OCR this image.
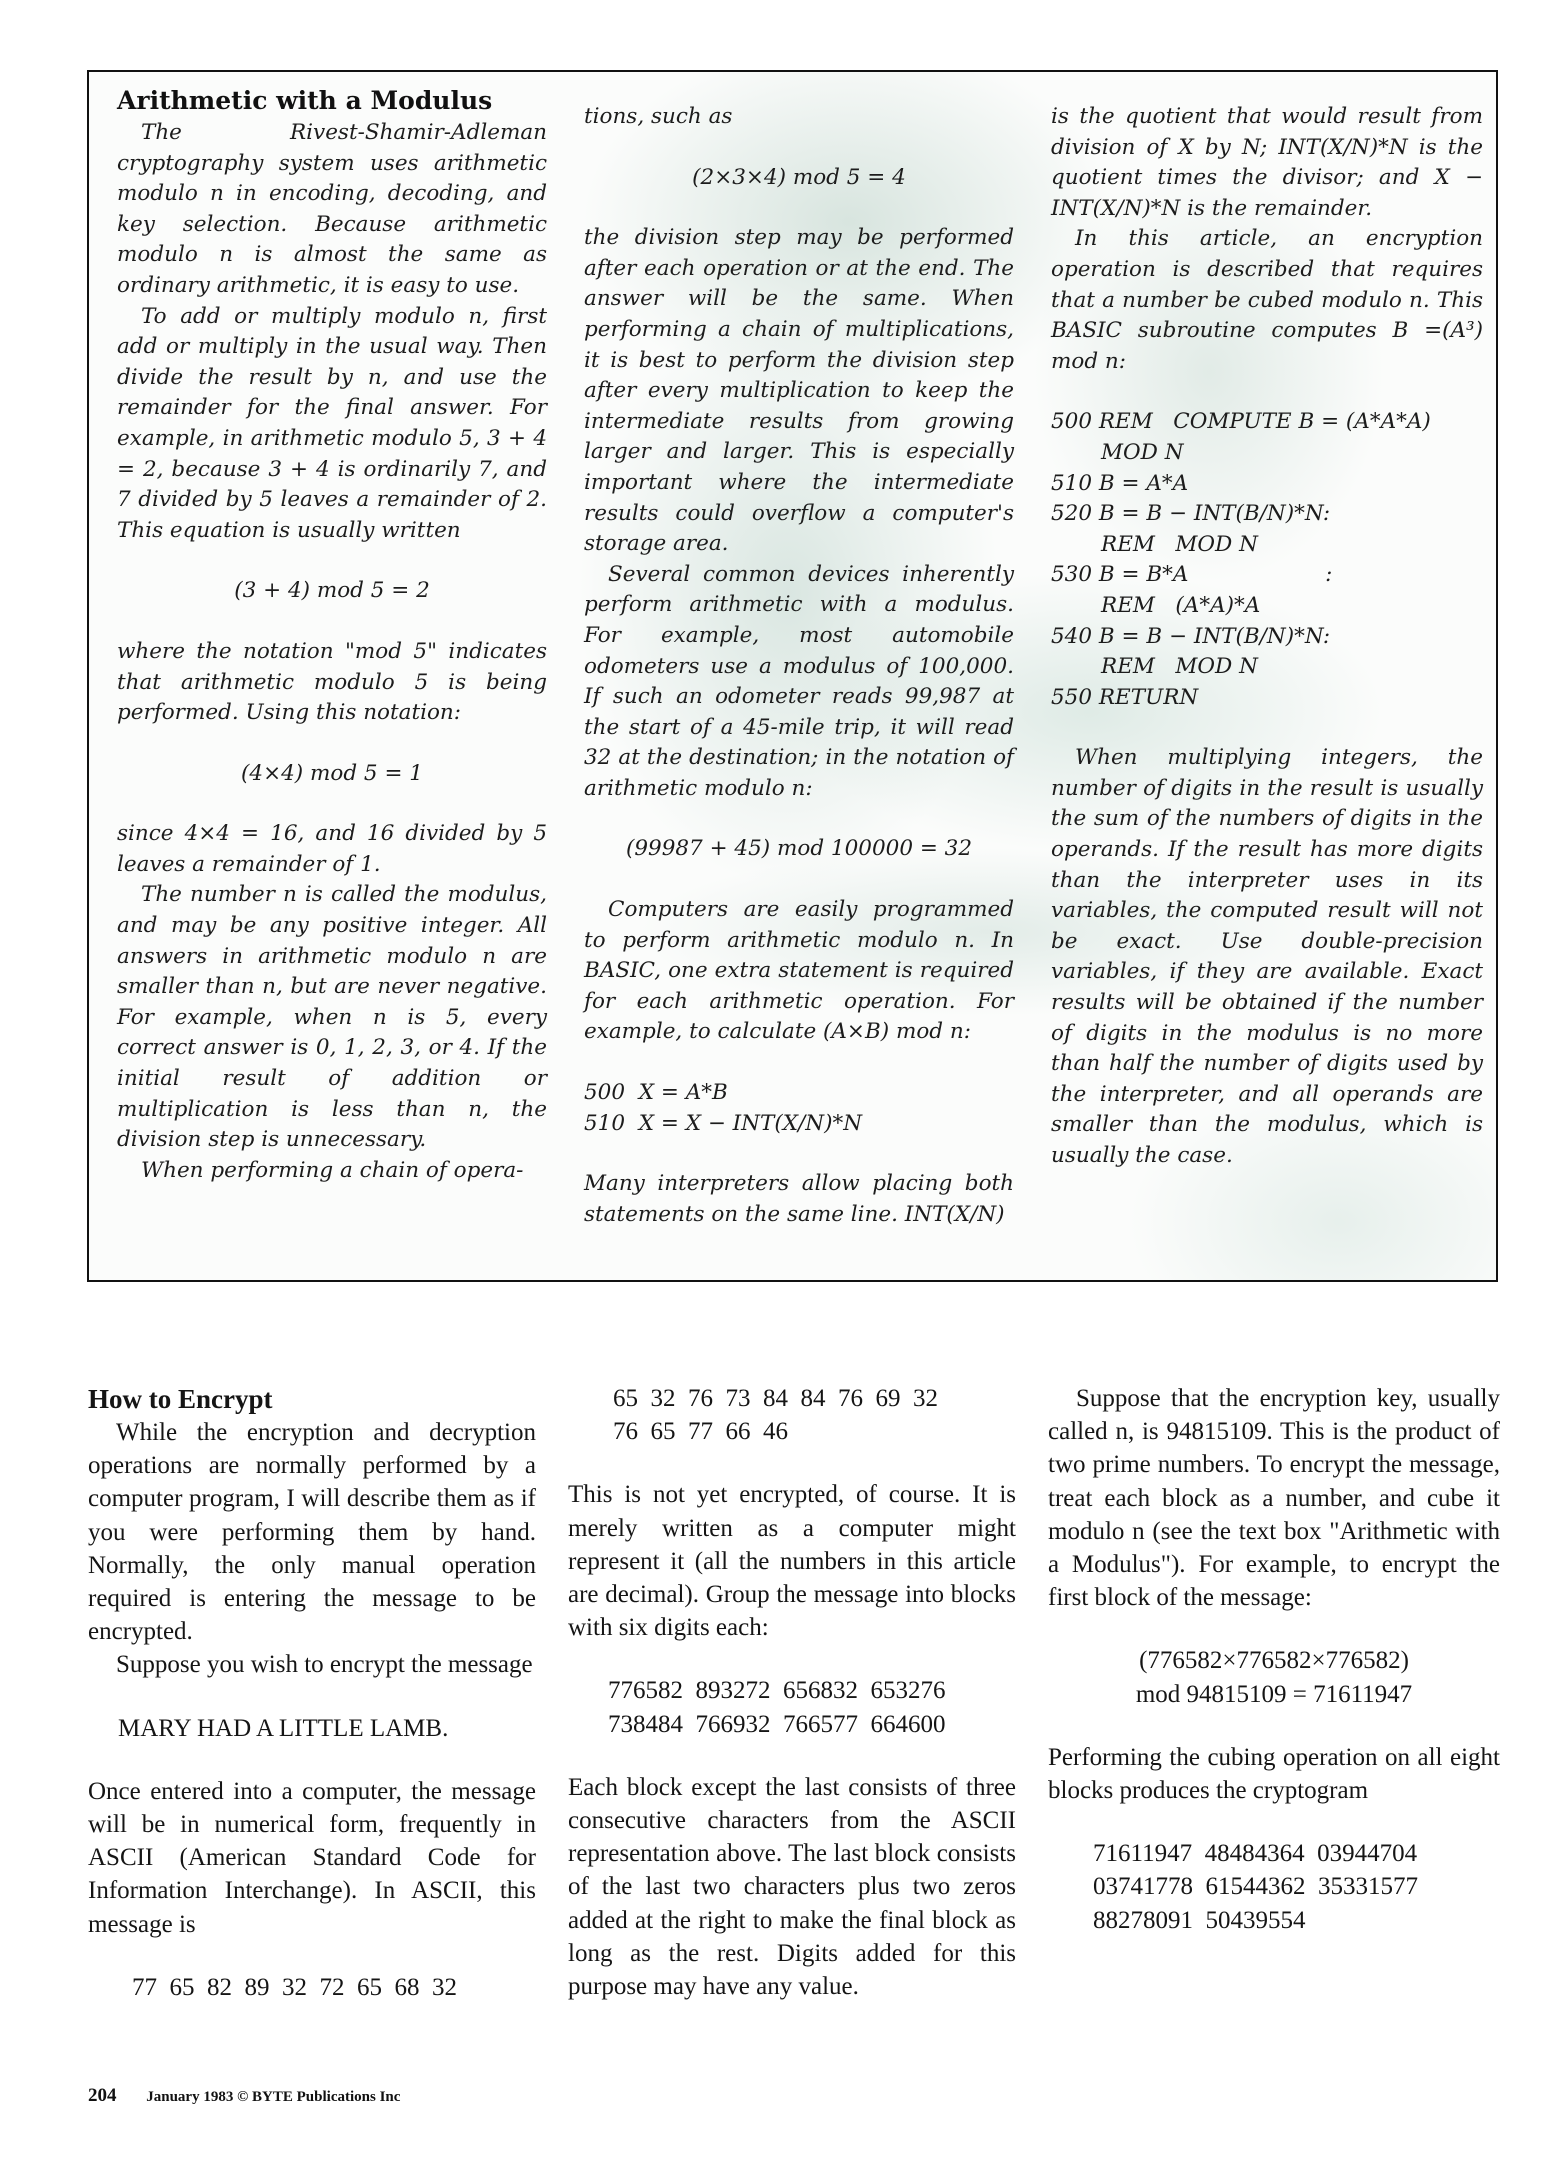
Arithmetic with a Modulus

The Rivest-Shamir-Adleman cryptography system uses arithmetic modulo n in encoding, decoding, and key selection. Because arithmetic modulo n is almost the same as ordinary arithmetic, it is easy to use.

To add or multiply modulo n, first add or multiply in the usual way. Then divide the result by n, and use the remainder for the final answer. For example, in arithmetic modulo 5, 3 + 4 = 2, because 3 + 4 is ordinarily 7, and 7 divided by 5 leaves a remainder of 2. This equation is usually written

(3 + 4) mod 5 = 2

where the notation "mod 5" indicates that arithmetic modulo 5 is being performed. Using this notation:

(4×4) mod 5 = 1

since 4×4 = 16, and 16 divided by 5 leaves a remainder of 1.

The number n is called the modulus, and may be any positive integer. All answers in arithmetic modulo n are smaller than n, but are never negative. For example, when n is 5, every correct answer is 0, 1, 2, 3, or 4. If the initial result of addition or multiplication is less than n, the division step is unnecessary.

When performing a chain of opera-

tions, such as

(2×3×4) mod 5 = 4

the division step may be performed after each operation or at the end. The answer will be the same. When performing a chain of multiplications, it is best to perform the division step after every multiplication to keep the intermediate results from growing larger and larger. This is especially important where the intermediate results could overflow a computer's storage area.

Several common devices inherently perform arithmetic with a modulus. For example, most automobile odometers use a modulus of 100,000. If such an odometer reads 99,987 at the start of a 45-mile trip, it will read 32 at the destination; in the notation of arithmetic modulo n:

(99987 + 45) mod 100000 = 32

Computers are easily programmed to perform arithmetic modulo n. In BASIC, one extra statement is required for each arithmetic operation. For example, to calculate (A×B) mod n:

500  X = A*B
510  X = X − INT(X/N)*N

Many interpreters allow placing both statements on the same line. INT(X/N)

is the quotient that would result from division of X by N; INT(X/N)*N is the quotient times the divisor; and X − INT(X/N)*N is the remainder.

In this article, an encryption operation is described that requires that a number be cubed modulo n. This BASIC subroutine computes B =(A³) mod n:

500 REM   COMPUTE B = (A*A*A)
MOD N
510 B = A*A
520 B = B − INT(B/N)*N:
REM   MOD N
530 B = B*A                    :
REM   (A*A)*A
540 B = B − INT(B/N)*N:
REM   MOD N
550 RETURN

When multiplying integers, the number of digits in the result is usually the sum of the numbers of digits in the operands. If the result has more digits than the interpreter uses in its variables, the computed result will not be exact. Use double-precision variables, if they are available. Exact results will be obtained if the number of digits in the modulus is no more than half the number of digits used by the interpreter, and all operands are smaller than the modulus, which is usually the case.

How to Encrypt

While the encryption and decryption operations are normally performed by a computer program, I will describe them as if you were performing them by hand. Normally, the only manual operation required is entering the message to be encrypted.

Suppose you wish to encrypt the message

MARY HAD A LITTLE LAMB.

Once entered into a computer, the message will be in numerical form, frequently in ASCII (American Standard Code for Information Interchange). In ASCII, this message is

77  65  82  89  32  72  65  68  32
65  32  76  73  84  84  76  69  32
76  65  77  66  46

This is not yet encrypted, of course. It is merely written as a computer might represent it (all the numbers in this article are decimal). Group the message into blocks with six digits each:

776582  893272  656832  653276
738484  766932  766577  664600

Each block except the last consists of three consecutive characters from the ASCII representation above. The last block consists of the last two characters plus two zeros added at the right to make the final block as long as the rest. Digits added for this purpose may have any value.

Suppose that the encryption key, usually called n, is 94815109. This is the product of two prime numbers. To encrypt the message, treat each block as a number, and cube it modulo n (see the text box "Arithmetic with a Modulus"). For example, to encrypt the first block of the message:

(776582×776582×776582)
mod 94815109 = 71611947

Performing the cubing operation on all eight blocks produces the cryptogram

71611947  48484364  03944704
03741778  61544362  35331577
88278091  50439554
204 January 1983 © BYTE Publications Inc
